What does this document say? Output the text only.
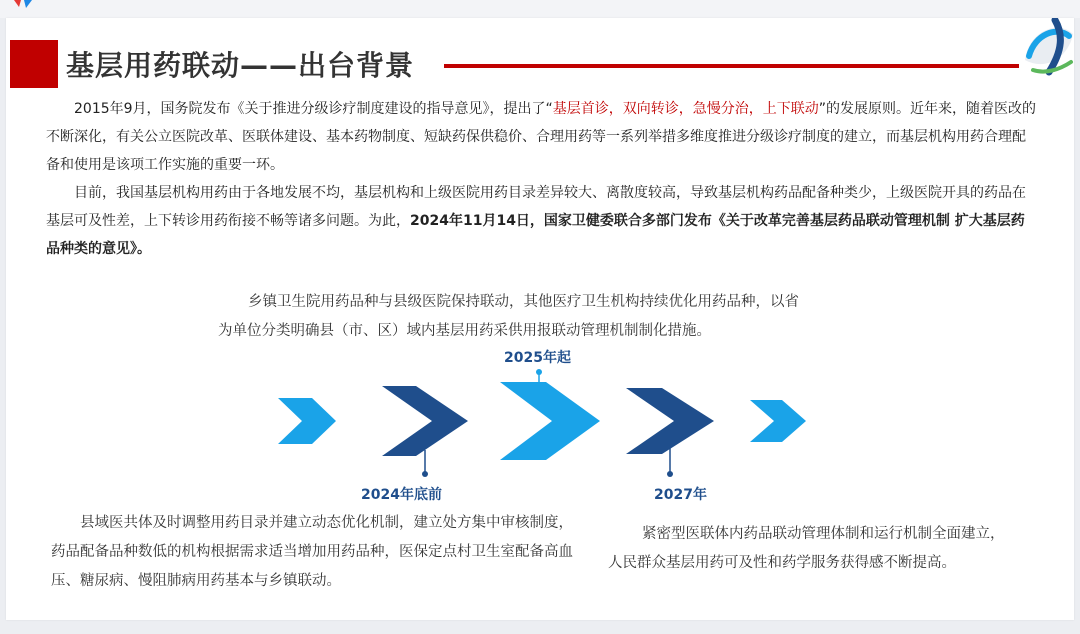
基层用药联动——出台背景

2015年9月，国务院发布《关于推进分级诊疗制度建设的指导意见》，提出了“基层首诊，双向转诊，急慢分治，上下联动”的发展原则。近年来，随着医改的不断深化，有关公立医院改革、医联体建设、基本药物制度、短缺药保供稳价、合理用药等一系列举措多维度推进分级诊疗制度的建立，而基层机构用药合理配备和使用是该项工作实施的重要一环。

目前，我国基层机构用药由于各地发展不均，基层机构和上级医院用药目录差异较大、离散度较高，导致基层机构药品配备种类少，上级医院开具的药品在基层可及性差，上下转诊用药衔接不畅等诸多问题。为此，2024年11月14日，国家卫健委联合多部门发布《关于改革完善基层药品联动管理机制 扩大基层药品种类的意见》。

乡镇卫生院用药品种与县级医院保持联动，其他医疗卫生机构持续优化用药品种，以省
为单位分类明确县（市、区）域内基层用药采供用报联动管理机制制化措施。

2025年起
2024年底前	2027年

县域医共体及时调整用药目录并建立动态优化机制，建立处方集中审核制度，药品配备品种数低的机构根据需求适当增加用药品种，医保定点村卫生室配备高血压、糖尿病、慢阻肺病用药基本与乡镇联动。

紧密型医联体内药品联动管理体制和运行机制全面建立，
人民群众基层用药可及性和药学服务获得感不断提高。
